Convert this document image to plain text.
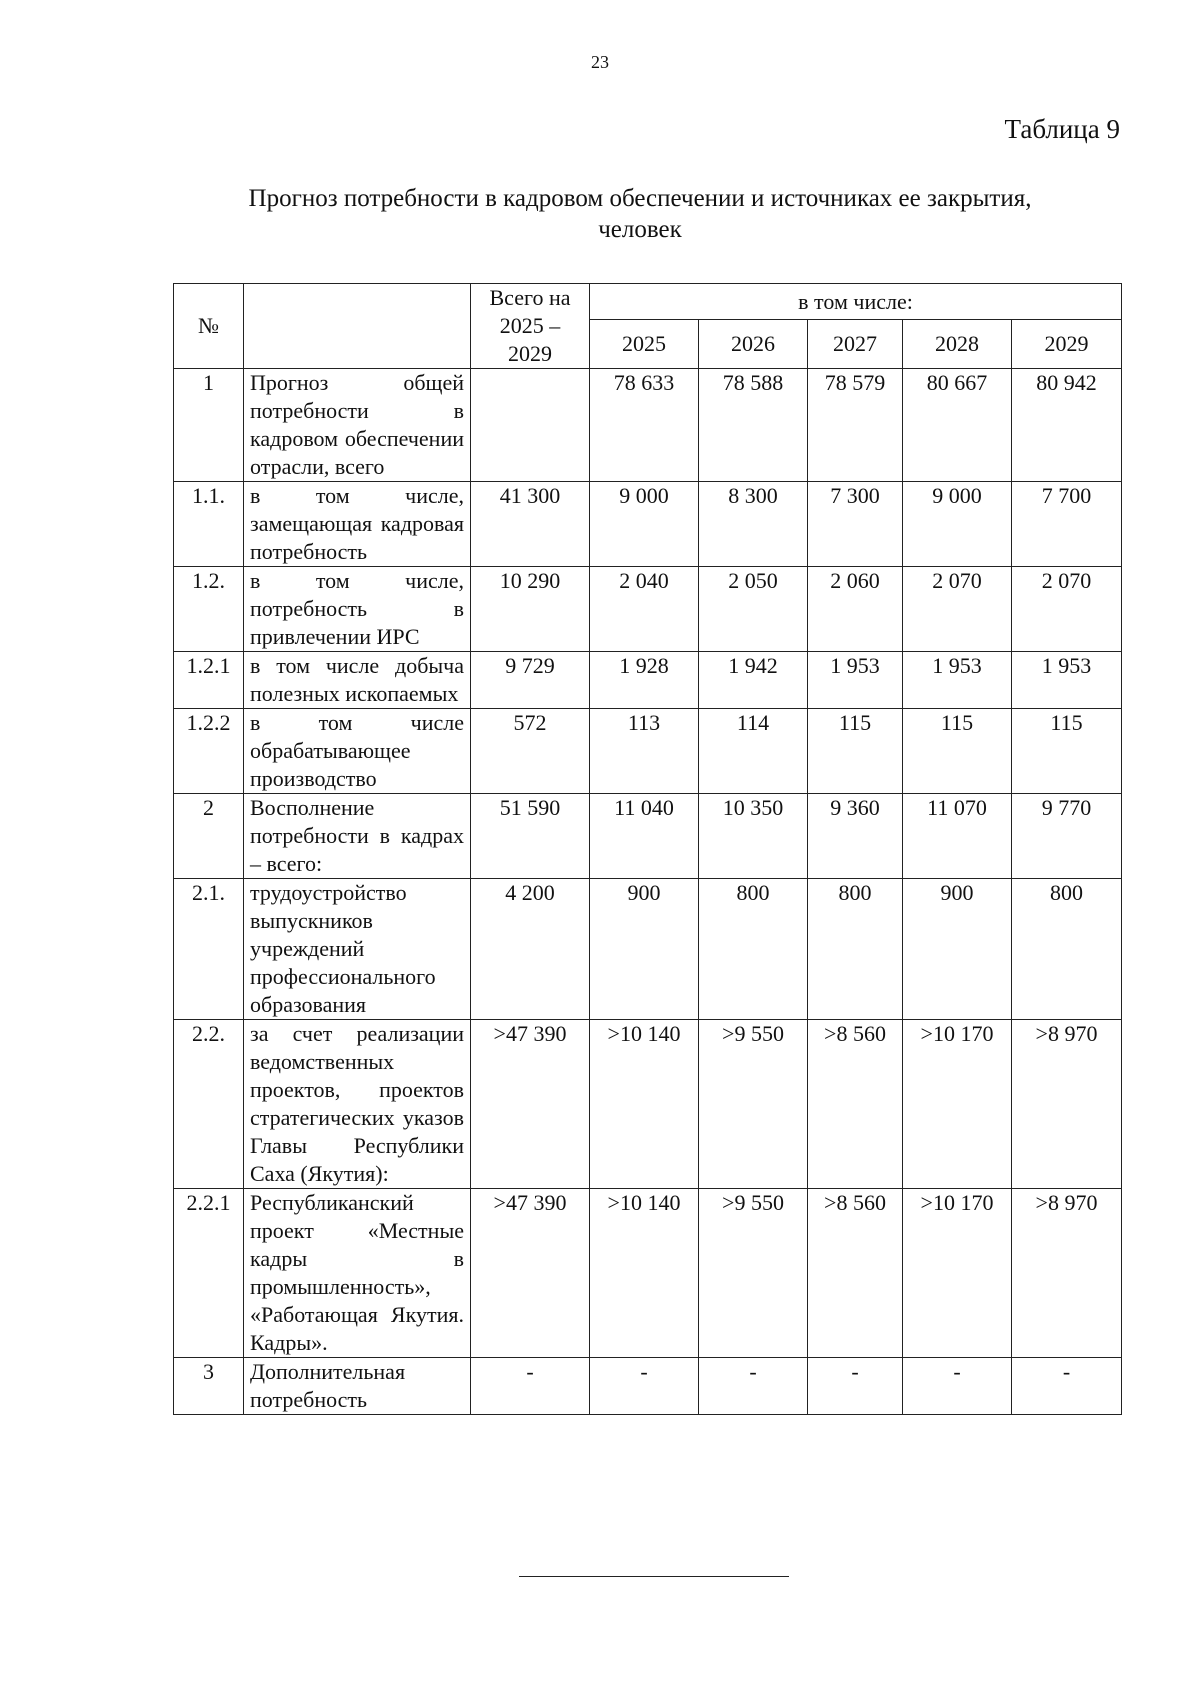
23
Таблица 9
Прогноз потребности в кадровом обеспечении и источниках ее закрытия,
человек
№		Всего на 2025 – 2029	в том числе:				
			2025	2026	2027	2028	2029
1	Прогноз общей потребности в кадровом обеспечении отрасли, всего		78 633	78 588	78 579	80 667	80 942
1.1.	в том числе, замещающая кадровая потребность	41 300	9 000	8 300	7 300	9 000	7 700
1.2.	в том числе, потребность в привлечении ИРС	10 290	2 040	2 050	2 060	2 070	2 070
1.2.1	в том числе добыча полезных ископаемых	9 729	1 928	1 942	1 953	1 953	1 953
1.2.2	в том числе обрабатывающее производство	572	113	114	115	115	115
2	Восполнение потребности в кадрах – всего:	51 590	11 040	10 350	9 360	11 070	9 770
2.1.	трудоустройство выпускников учреждений профессионального образования	4 200	900	800	800	900	800
2.2.	за счет реализации ведомственных проектов, проектов стратегических указов Главы Республики Саха (Якутия):	>47 390	>10 140	>9 550	>8 560	>10 170	>8 970
2.2.1	Республиканский проект «Местные кадры в промышленность», «Работающая Якутия. Кадры».	>47 390	>10 140	>9 550	>8 560	>10 170	>8 970
3	Дополнительная потребность	-	-	-	-	-	-
